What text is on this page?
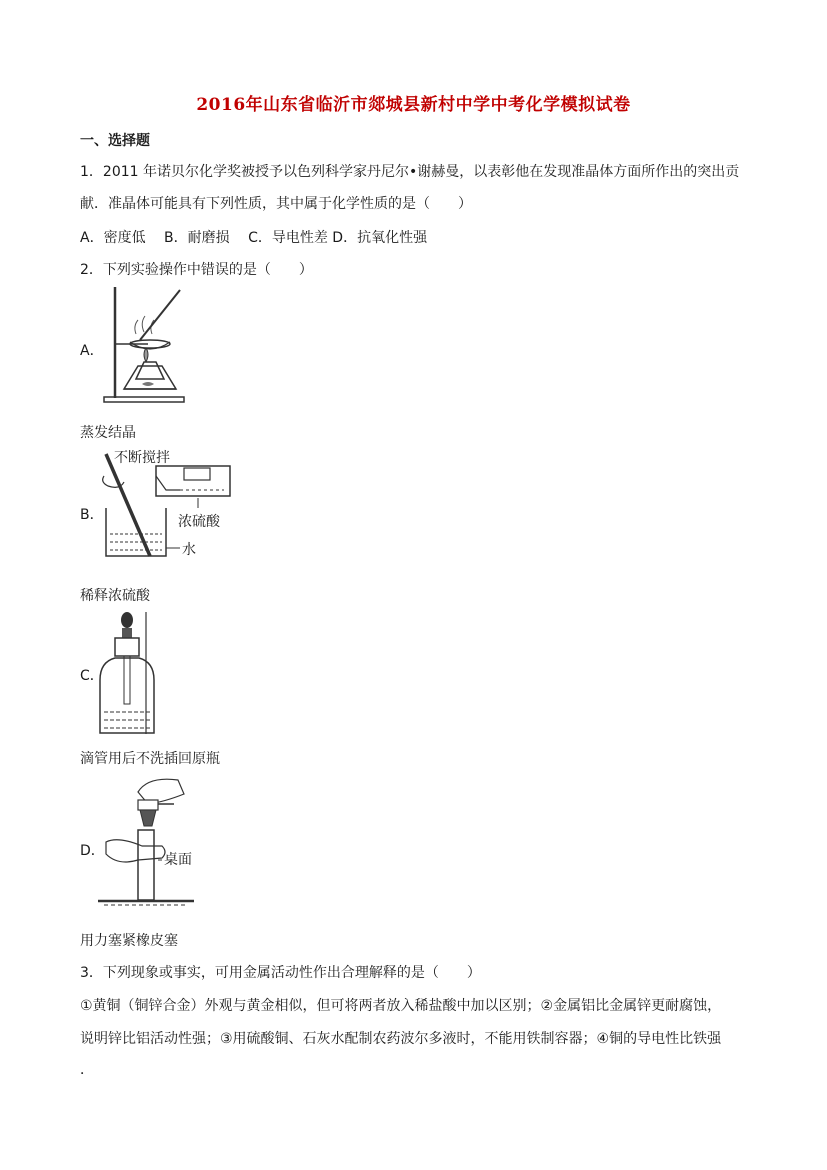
2016年山东省临沂市郯城县新村中学中考化学模拟试卷
一、选择题
1．2011 年诺贝尔化学奖被授予以色列科学家丹尼尔•谢赫曼，以表彰他在发现准晶体方面所作出的突出贡
献．准晶体可能具有下列性质，其中属于化学性质的是（　　）
A．密度低　 B．耐磨损　 C．导电性差 D．抗氧化性强
2．下列实验操作中错误的是（　　）
A．
蒸发结晶
B．
不断搅拌
浓硫酸
水
稀释浓硫酸
C．
滴管用后不洗插回原瓶
D．
桌面
用力塞紧橡皮塞
3．下列现象或事实，可用金属活动性作出合理解释的是（　　）
①黄铜（铜锌合金）外观与黄金相似，但可将两者放入稀盐酸中加以区别；②金属铝比金属锌更耐腐蚀，
说明锌比铝活动性强；③用硫酸铜、石灰水配制农药波尔多液时，不能用铁制容器；④铜的导电性比铁强
．
